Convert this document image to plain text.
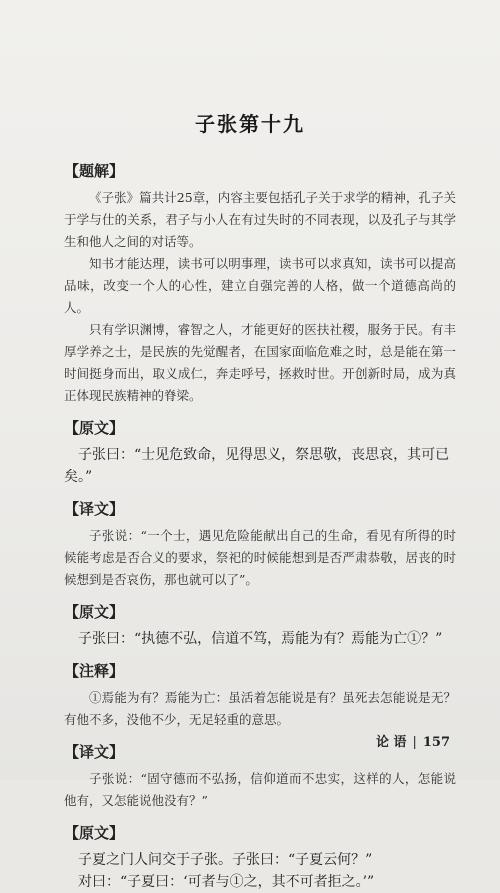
子张第十九
【题解】

《子张》篇共计25章，内容主要包括孔子关于求学的精神，孔子关于学与仕的关系，君子与小人在有过失时的不同表现，以及孔子与其学生和他人之间的对话等。

知书才能达理，读书可以明事理，读书可以求真知，读书可以提高品味，改变一个人的心性，建立自强完善的人格，做一个道德高尚的人。

只有学识渊博，睿智之人，才能更好的医扶社稷，服务于民。有丰厚学养之士，是民族的先觉醒者，在国家面临危难之时，总是能在第一时间挺身而出，取义成仁，奔走呼号，拯救时世。开创新时局，成为真正体现民族精神的脊梁。

【原文】

子张曰：“士见危致命，见得思义，祭思敬，丧思哀，其可已矣。”

【译文】

子张说：“一个士，遇见危险能献出自己的生命，看见有所得的时候能考虑是否合义的要求，祭祀的时候能想到是否严肃恭敬，居丧的时候想到是否哀伤，那也就可以了”。

【原文】

子张曰：“执德不弘，信道不笃，焉能为有？焉能为亡①？”

【注释】

①焉能为有？焉能为亡：虽活着怎能说是有？虽死去怎能说是无？有他不多，没他不少，无足轻重的意思。

【译文】

子张说：“固守德而不弘扬，信仰道而不忠实，这样的人，怎能说他有，又怎能说他没有？”

【原文】

子夏之门人问交于子张。子张曰：“子夏云何？”

对曰：“子夏曰：‘可者与①之，其不可者拒之。’”

论 语 | 157
